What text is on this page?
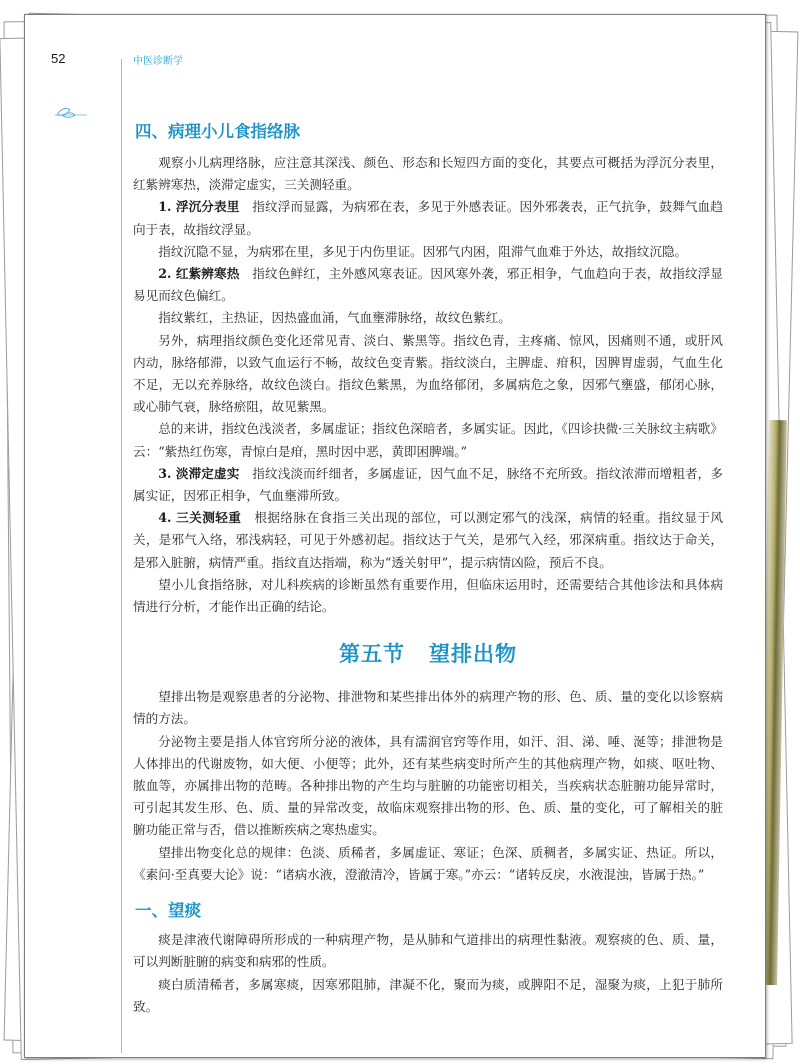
52	中医诊断学
四、病理小儿食指络脉

观察小儿病理络脉，应注意其深浅、颜色、形态和长短四方面的变化，其要点可概括为浮沉分表里，红紫辨寒热，淡滞定虚实，三关测轻重。

1. 浮沉分表里　 指纹浮而显露，为病邪在表，多见于外感表证。因外邪袭表，正气抗争，鼓舞气血趋向于表，故指纹浮显。

指纹沉隐不显，为病邪在里，多见于内伤里证。因邪气内困，阻滞气血难于外达，故指纹沉隐。

2. 红紫辨寒热　 指纹色鲜红，主外感风寒表证。因风寒外袭，邪正相争，气血趋向于表，故指纹浮显易见而纹色偏红。

指纹紫红，主热证，因热盛血涌，气血壅滞脉络，故纹色紫红。

另外，病理指纹颜色变化还常见青、淡白、紫黑等。指纹色青，主疼痛、惊风，因痛则不通，或肝风内动，脉络郁滞，以致气血运行不畅，故纹色变青紫。指纹淡白，主脾虚、疳积，因脾胃虚弱，气血生化不足，无以充养脉络，故纹色淡白。指纹色紫黑，为血络郁闭，多属病危之象，因邪气壅盛，郁闭心脉，或心肺气衰，脉络瘀阻，故见紫黑。

总的来讲，指纹色浅淡者，多属虚证；指纹色深暗者，多属实证。因此，《四诊抉微·三关脉纹主病歌》云：“紫热红伤寒，青惊白是疳，黑时因中恶，黄即困脾端。”

3. 淡滞定虚实　 指纹浅淡而纤细者，多属虚证，因气血不足，脉络不充所致。指纹浓滞而增粗者，多属实证，因邪正相争，气血壅滞所致。

4. 三关测轻重　 根据络脉在食指三关出现的部位，可以测定邪气的浅深，病情的轻重。指纹显于风关，是邪气入络，邪浅病轻，可见于外感初起。指纹达于气关，是邪气入经，邪深病重。指纹达于命关，是邪入脏腑，病情严重。指纹直达指端，称为“透关射甲”，提示病情凶险，预后不良。

望小儿食指络脉，对儿科疾病的诊断虽然有重要作用，但临床运用时，还需要结合其他诊法和具体病情进行分析，才能作出正确的结论。

第五节 望排出物

望排出物是观察患者的分泌物、排泄物和某些排出体外的病理产物的形、色、质、量的变化以诊察病情的方法。

分泌物主要是指人体官窍所分泌的液体，具有濡润官窍等作用，如汗、泪、涕、唾、涎等；排泄物是人体排出的代谢废物，如大便、小便等；此外，还有某些病变时所产生的其他病理产物，如痰、呕吐物、脓血等，亦属排出物的范畴。各种排出物的产生均与脏腑的功能密切相关，当疾病状态脏腑功能异常时，可引起其发生形、色、质、量的异常改变，故临床观察排出物的形、色、质、量的变化，可了解相关的脏腑功能正常与否，借以推断疾病之寒热虚实。

望排出物变化总的规律：色淡、质稀者，多属虚证、寒证；色深、质稠者，多属实证、热证。所以，《素问·至真要大论》说：“诸病水液，澄澈清冷，皆属于寒。”亦云：“诸转反戾，水液混浊，皆属于热。”

一、望痰

痰是津液代谢障碍所形成的一种病理产物，是从肺和气道排出的病理性黏液。观察痰的色、质、量，可以判断脏腑的病变和病邪的性质。

痰白质清稀者，多属寒痰，因寒邪阻肺，津凝不化，聚而为痰，或脾阳不足，湿聚为痰，上犯于肺所致。
